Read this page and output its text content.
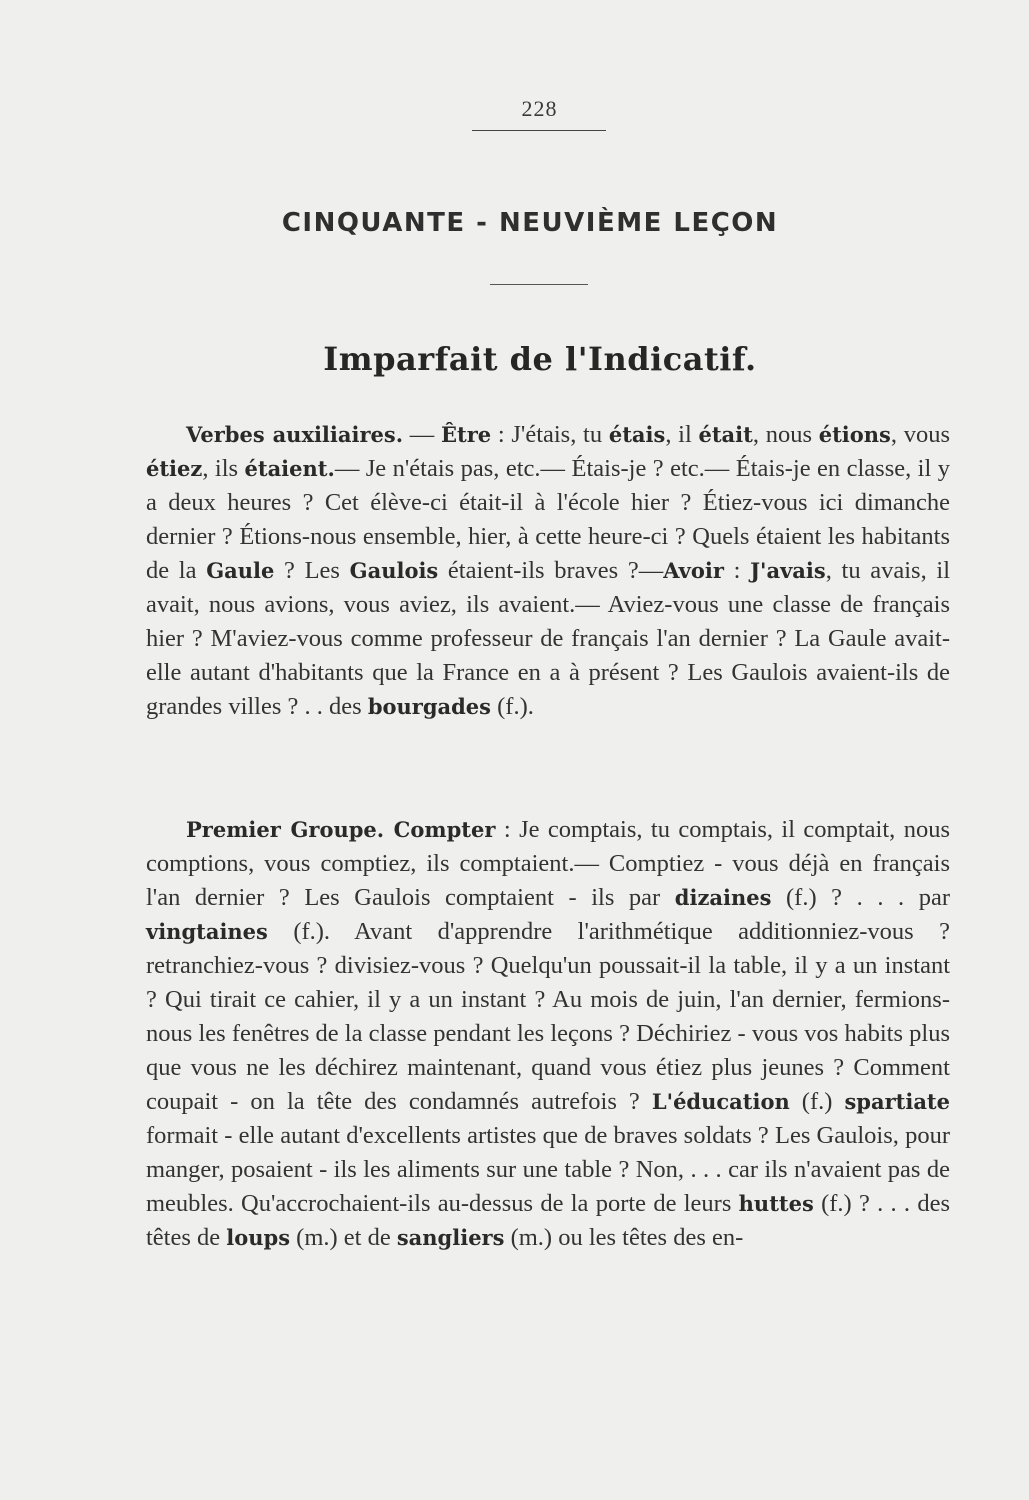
228
CINQUANTE - NEUVIÈME LEÇON
Imparfait de l'Indicatif.
Verbes auxiliaires. — Être : J'étais, tu étais, il était, nous étions, vous étiez, ils étaient.— Je n'étais pas, etc.— Étais-je ? etc.— Étais-je en classe, il y a deux heures ? Cet élève-ci était-il à l'école hier ? Étiez-vous ici dimanche dernier ? Étions-nous ensemble, hier, à cette heure-ci ? Quels étaient les habitants de la Gaule ? Les Gaulois étaient-ils braves ?—Avoir : J'avais, tu avais, il avait, nous avions, vous aviez, ils avaient.— Aviez-vous une classe de français hier ? M'aviez-vous comme professeur de français l'an dernier ? La Gaule avait-elle autant d'habitants que la France en a à présent ? Les Gaulois avaient-ils de grandes villes ? . . des bourgades (f.).
Premier Groupe. Compter : Je comptais, tu comptais, il comptait, nous comptions, vous comptiez, ils comptaient.— Comptiez - vous déjà en français l'an dernier ? Les Gaulois comptaient - ils par dizaines (f.) ? . . . par vingtaines (f.). Avant d'apprendre l'arithmétique additionniez-vous ? retranchiez-vous ? divisiez-vous ? Quelqu'un poussait-il la table, il y a un instant ? Qui tirait ce cahier, il y a un instant ? Au mois de juin, l'an dernier, fermions-nous les fenêtres de la classe pendant les leçons ? Déchiriez - vous vos habits plus que vous ne les déchirez maintenant, quand vous étiez plus jeunes ? Comment coupait - on la tête des condamnés autrefois ? L'éducation (f.) spartiate formait - elle autant d'excellents artistes que de braves soldats ? Les Gaulois, pour manger, posaient - ils les aliments sur une table ? Non, . . . car ils n'avaient pas de meubles. Qu'accrochaient-ils au-dessus de la porte de leurs huttes (f.) ? . . . des têtes de loups (m.) et de sangliers (m.) ou les têtes des en-
